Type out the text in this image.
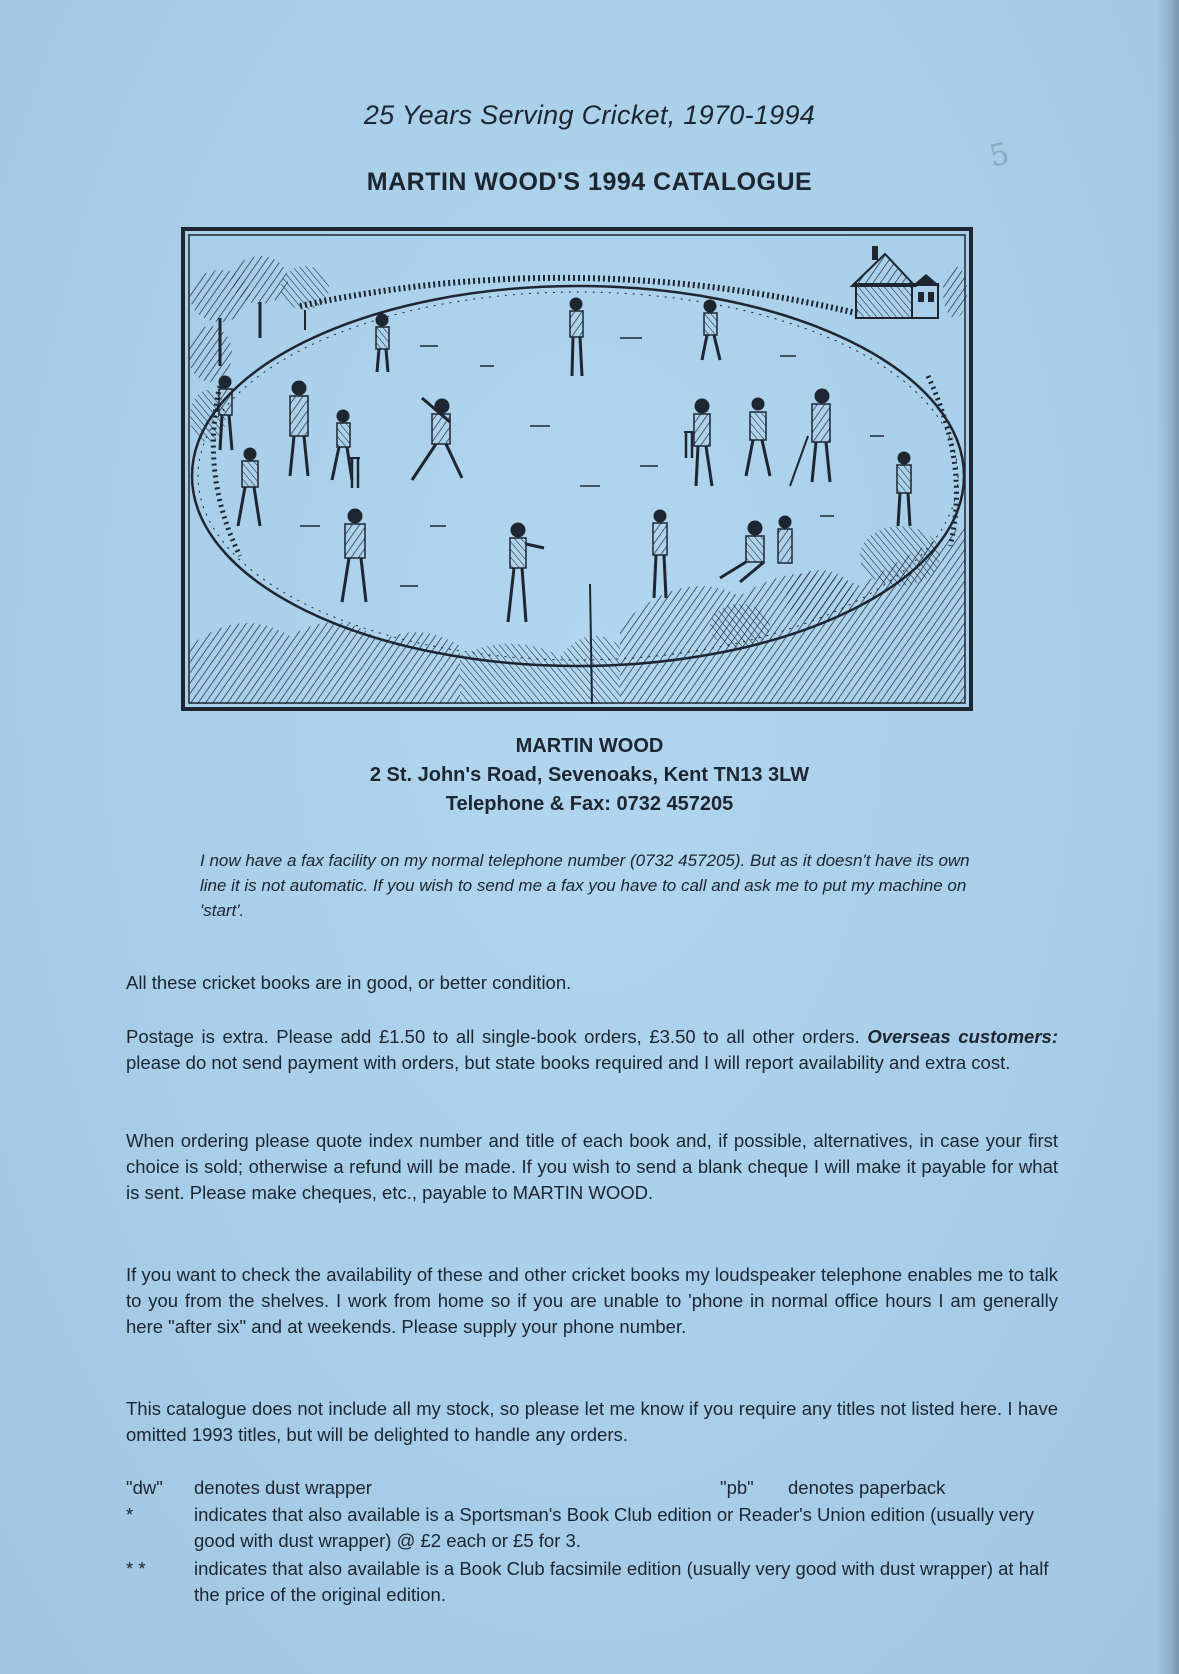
25 Years Serving Cricket, 1970-1994
MARTIN WOOD'S 1994 CATALOGUE
5
MARTIN WOOD
2 St. John's Road, Sevenoaks, Kent TN13 3LW
Telephone & Fax: 0732 457205
I now have a fax facility on my normal telephone number (0732 457205). But as it doesn't have its own line it is not automatic. If you wish to send me a fax you have to call and ask me to put my machine on 'start'.
All these cricket books are in good, or better condition.
Postage is extra. Please add £1.50 to all single-book orders, £3.50 to all other orders. Overseas customers: please do not send payment with orders, but state books required and I will report availability and extra cost.
When ordering please quote index number and title of each book and, if possible, alternatives, in case your first choice is sold; otherwise a refund will be made. If you wish to send a blank cheque I will make it payable for what is sent. Please make cheques, etc., payable to MARTIN WOOD.
If you want to check the availability of these and other cricket books my loudspeaker telephone enables me to talk to you from the shelves. I work from home so if you are unable to 'phone in normal office hours I am generally here "after six" and at weekends. Please supply your phone number.
This catalogue does not include all my stock, so please let me know if you require any titles not listed here. I have omitted 1993 titles, but will be delighted to handle any orders.
"dw" denotes dust wrapper	"pb" denotes paperback
*	indicates that also available is a Sportsman's Book Club edition or Reader's Union edition (usually very good with dust wrapper) @ £2 each or £5 for 3.
* *	indicates that also available is a Book Club facsimile edition (usually very good with dust wrapper) at half the price of the original edition.
